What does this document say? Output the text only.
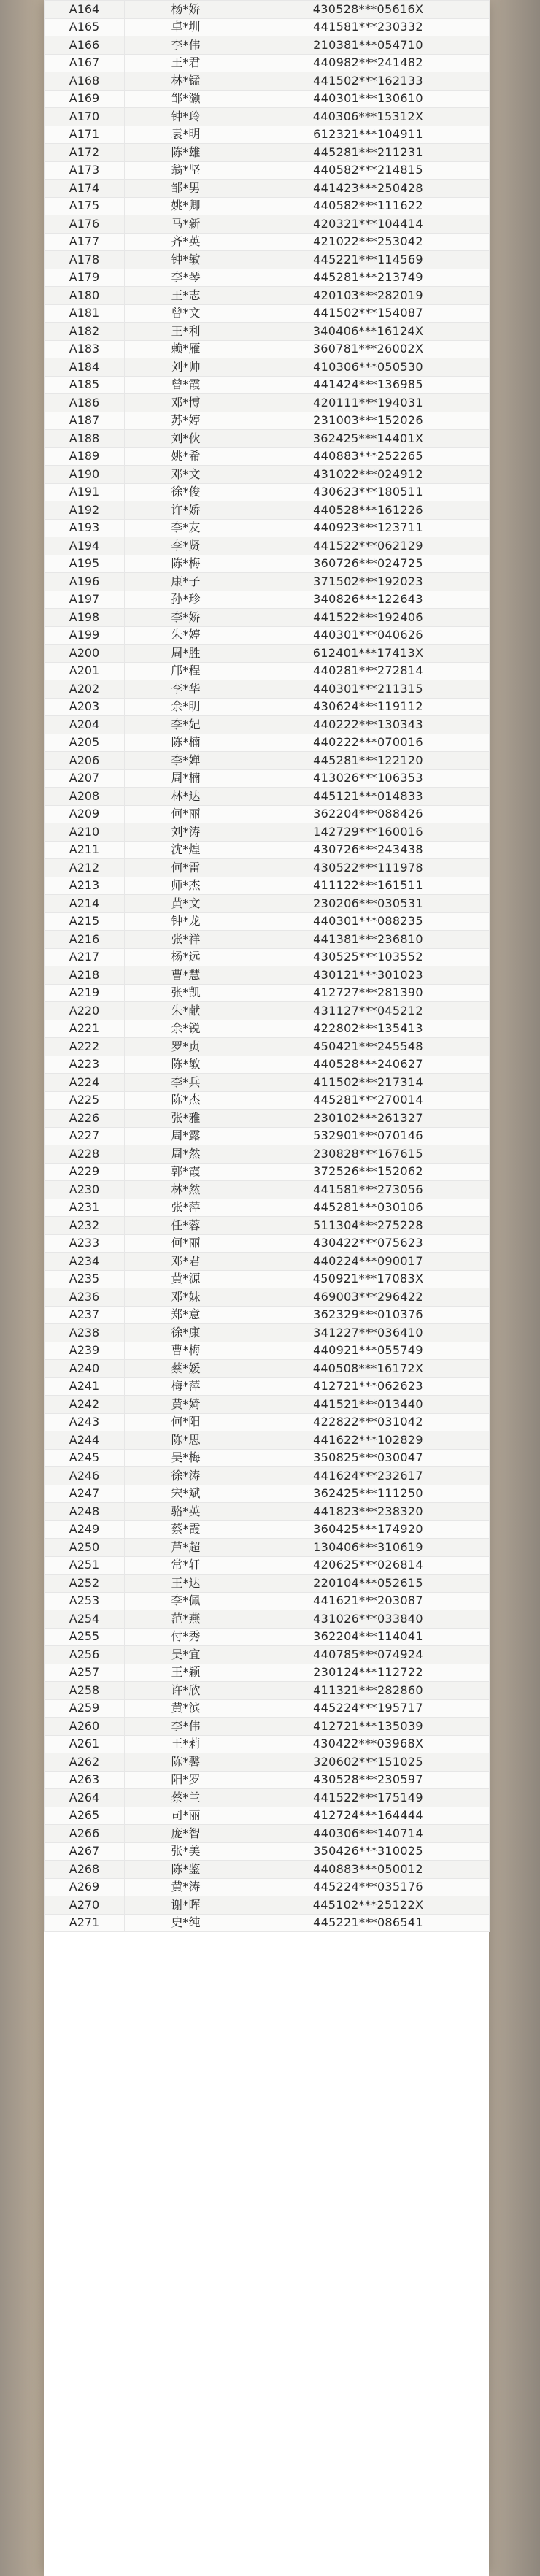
A164	杨*娇	430528***05616X
A165	卓*圳	441581***230332
A166	李*伟	210381***054710
A167	王*君	440982***241482
A168	林*锰	441502***162133
A169	邹*灏	440301***130610
A170	钟*玲	440306***15312X
A171	袁*明	612321***104911
A172	陈*雄	445281***211231
A173	翁*坚	440582***214815
A174	邹*男	441423***250428
A175	姚*卿	440582***111622
A176	马*新	420321***104414
A177	齐*英	421022***253042
A178	钟*敏	445221***114569
A179	李*琴	445281***213749
A180	王*志	420103***282019
A181	曾*文	441502***154087
A182	王*利	340406***16124X
A183	赖*雁	360781***26002X
A184	刘*帅	410306***050530
A185	曾*霞	441424***136985
A186	邓*博	420111***194031
A187	苏*婷	231003***152026
A188	刘*伙	362425***14401X
A189	姚*希	440883***252265
A190	邓*文	431022***024912
A191	徐*俊	430623***180511
A192	许*娇	440528***161226
A193	李*友	440923***123711
A194	李*贤	441522***062129
A195	陈*梅	360726***024725
A196	康*子	371502***192023
A197	孙*珍	340826***122643
A198	李*娇	441522***192406
A199	朱*婷	440301***040626
A200	周*胜	612401***17413X
A201	邝*程	440281***272814
A202	李*华	440301***211315
A203	余*明	430624***119112
A204	李*妃	440222***130343
A205	陈*楠	440222***070016
A206	李*婵	445281***122120
A207	周*楠	413026***106353
A208	林*达	445121***014833
A209	何*丽	362204***088426
A210	刘*涛	142729***160016
A211	沈*煌	430726***243438
A212	何*雷	430522***111978
A213	师*杰	411122***161511
A214	黄*文	230206***030531
A215	钟*龙	440301***088235
A216	张*祥	441381***236810
A217	杨*远	430525***103552
A218	曹*慧	430121***301023
A219	张*凯	412727***281390
A220	朱*献	431127***045212
A221	余*锐	422802***135413
A222	罗*贞	450421***245548
A223	陈*敏	440528***240627
A224	李*兵	411502***217314
A225	陈*杰	445281***270014
A226	张*雅	230102***261327
A227	周*露	532901***070146
A228	周*然	230828***167615
A229	郭*霞	372526***152062
A230	林*然	441581***273056
A231	张*萍	445281***030106
A232	任*蓉	511304***275228
A233	何*丽	430422***075623
A234	邓*君	440224***090017
A235	黄*源	450921***17083X
A236	邓*妹	469003***296422
A237	郑*意	362329***010376
A238	徐*康	341227***036410
A239	曹*梅	440921***055749
A240	蔡*媛	440508***16172X
A241	梅*萍	412721***062623
A242	黄*婍	441521***013440
A243	何*阳	422822***031042
A244	陈*思	441622***102829
A245	吴*梅	350825***030047
A246	徐*涛	441624***232617
A247	宋*斌	362425***111250
A248	骆*英	441823***238320
A249	蔡*霞	360425***174920
A250	芦*超	130406***310619
A251	常*轩	420625***026814
A252	王*达	220104***052615
A253	李*佩	441621***203087
A254	范*燕	431026***033840
A255	付*秀	362204***114041
A256	吴*宜	440785***074924
A257	王*颖	230124***112722
A258	许*欣	411321***282860
A259	黄*滨	445224***195717
A260	李*伟	412721***135039
A261	王*莉	430422***03968X
A262	陈*馨	320602***151025
A263	阳*罗	430528***230597
A264	蔡*兰	441522***175149
A265	司*丽	412724***164444
A266	庞*智	440306***140714
A267	张*美	350426***310025
A268	陈*鉴	440883***050012
A269	黄*涛	445224***035176
A270	谢*晖	445102***25122X
A271	史*纯	445221***086541
